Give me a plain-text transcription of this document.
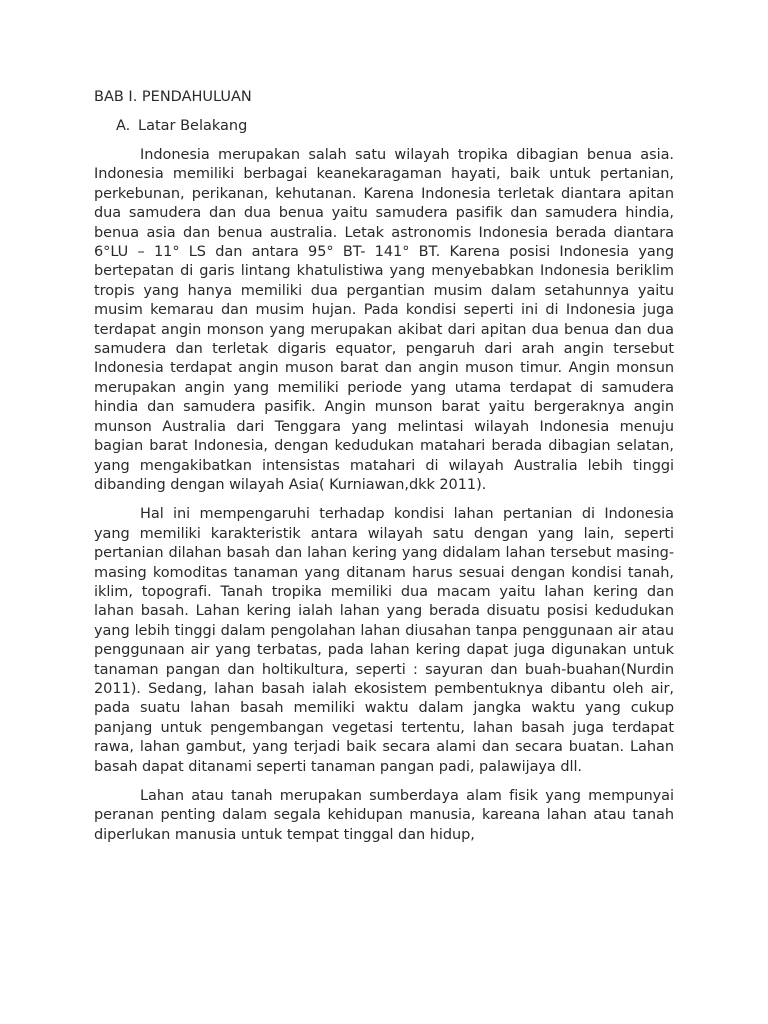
BAB I. PENDAHULUAN
A. Latar Belakang

Indonesia merupakan salah satu wilayah tropika dibagian benua asia. Indonesia memiliki berbagai keanekaragaman hayati, baik untuk pertanian, perkebunan, perikanan, kehutanan. Karena Indonesia terletak diantara apitan dua samudera dan dua benua yaitu samudera pasifik dan samudera hindia, benua asia dan benua australia. Letak astronomis Indonesia berada diantara 6°LU – 11° LS dan antara 95° BT- 141° BT. Karena posisi Indonesia yang bertepatan di garis lintang khatulistiwa yang menyebabkan Indonesia beriklim tropis yang hanya memiliki dua pergantian musim dalam setahunnya yaitu musim kemarau dan musim hujan. Pada kondisi seperti ini di Indonesia juga terdapat angin monson yang merupakan akibat dari apitan dua benua dan dua samudera dan terletak digaris equator, pengaruh dari arah angin tersebut Indonesia terdapat angin muson barat dan angin muson timur. Angin monsun merupakan angin yang memiliki periode yang utama terdapat di samudera hindia dan samudera pasifik. Angin munson barat yaitu bergeraknya angin munson Australia dari Tenggara yang melintasi wilayah Indonesia menuju bagian barat Indonesia, dengan kedudukan matahari berada dibagian selatan, yang mengakibatkan intensistas matahari di wilayah Australia lebih tinggi dibanding dengan wilayah Asia( Kurniawan,dkk 2011).

Hal ini mempengaruhi terhadap kondisi lahan pertanian di Indonesia yang memiliki karakteristik antara wilayah satu dengan yang lain, seperti pertanian dilahan basah dan lahan kering yang didalam lahan tersebut masing-masing komoditas tanaman yang ditanam harus sesuai dengan kondisi tanah, iklim, topografi. Tanah tropika memiliki dua macam yaitu lahan kering dan lahan basah. Lahan kering ialah lahan yang berada disuatu posisi kedudukan yang lebih tinggi dalam pengolahan lahan diusahan tanpa penggunaan air atau penggunaan air yang terbatas, pada lahan kering dapat juga digunakan untuk tanaman pangan dan holtikultura, seperti : sayuran dan buah-buahan(Nurdin 2011). Sedang, lahan basah ialah ekosistem pembentuknya dibantu oleh air, pada suatu lahan basah memiliki waktu dalam jangka waktu yang cukup panjang untuk pengembangan vegetasi tertentu, lahan basah juga terdapat rawa, lahan gambut, yang terjadi baik secara alami dan secara buatan. Lahan basah dapat ditanami seperti tanaman pangan padi, palawijaya dll.

Lahan atau tanah merupakan sumberdaya alam fisik yang mempunyai peranan penting dalam segala kehidupan manusia, kareana lahan atau tanah diperlukan manusia untuk tempat tinggal dan hidup,
